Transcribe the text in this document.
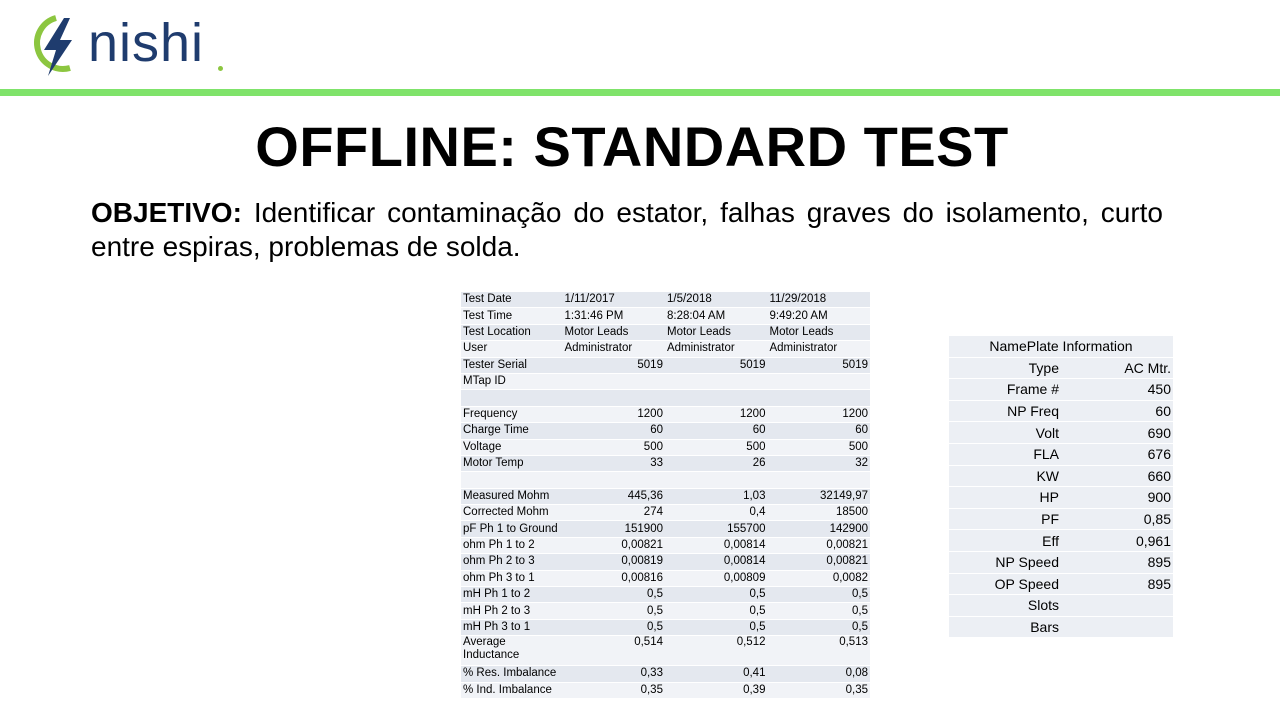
nishi
OFFLINE: STANDARD TEST
OBJETIVO: Identificar contaminação do estator, falhas graves do isolamento, curto entre espiras, problemas de solda.
Test Date	1/11/2017	1/5/2018	11/29/2018
Test Time	1:31:46 PM	8:28:04 AM	9:49:20 AM
Test Location	Motor Leads	Motor Leads	Motor Leads
User	Administrator	Administrator	Administrator
Tester Serial	5019	5019	5019
MTap ID			

Frequency	1200	1200	1200
Charge Time	60	60	60
Voltage	500	500	500
Motor Temp	33	26	32

Measured Mohm	445,36	1,03	32149,97
Corrected Mohm	274	0,4	18500
pF Ph 1 to Ground	151900	155700	142900
ohm Ph 1 to 2	0,00821	0,00814	0,00821
ohm Ph 2 to 3	0,00819	0,00814	0,00821
ohm Ph 3 to 1	0,00816	0,00809	0,0082
mH Ph 1 to 2	0,5	0,5	0,5
mH Ph 2 to 3	0,5	0,5	0,5
mH Ph 3 to 1	0,5	0,5	0,5
Average Inductance	0,514	0,512	0,513
% Res. Imbalance	0,33	0,41	0,08
% Ind. Imbalance	0,35	0,39	0,35
NamePlate Information	
Type	AC Mtr.
Frame #	450
NP Freq	60
Volt	690
FLA	676
KW	660
HP	900
PF	0,85
Eff	0,961
NP Speed	895
OP Speed	895
Slots	
Bars	
